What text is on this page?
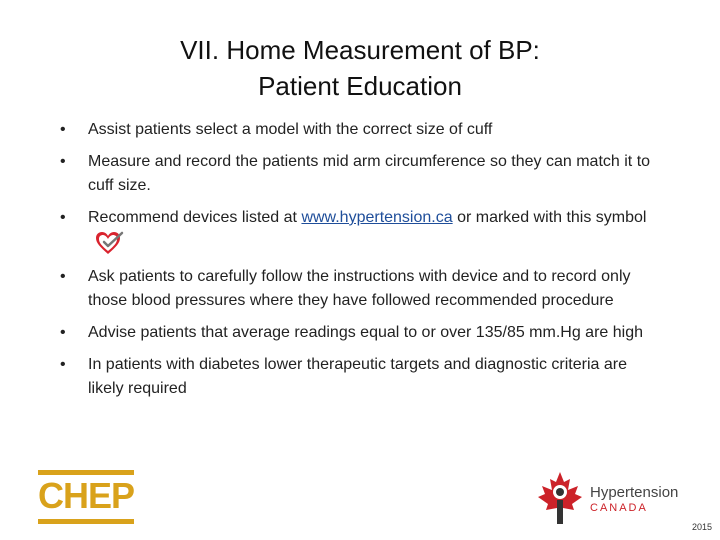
VII. Home Measurement of BP:
Patient Education
• Assist patients select a model with the correct size of cuff
• Measure and record the patients mid arm circumference so they can match it to cuff size.
• Recommend devices listed at www.hypertension.ca or marked with this symbol
• Ask patients to carefully follow the instructions with device and to record only those blood pressures where they have followed recommended procedure
• Advise patients that average readings equal to or over 135/85 mm.Hg are high
• In patients with diabetes lower therapeutic targets and diagnostic criteria are likely required
CHEP	Hypertension
CANADA
2015
